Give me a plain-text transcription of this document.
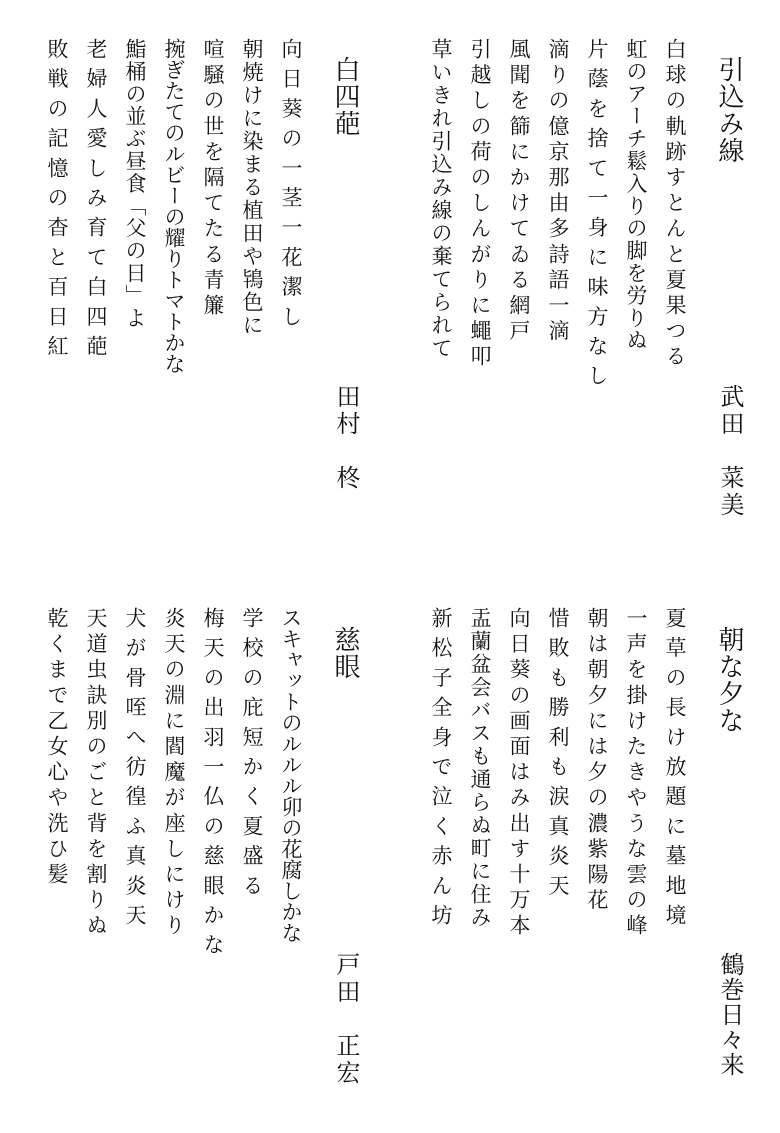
引込み線
武田　菜美
白球の軌跡すとんと夏果つる
虹のアーチ鬆入りの脚を労りぬ
片蔭を捨て一身に味方なし
滴りの億京那由多詩語一滴
風聞を篩にかけてゐる網戸
引越しの荷のしんがりに蠅叩
草いきれ引込み線の棄てられて
白四葩
田村　柊
向日葵の一茎一花潔し
朝焼けに染まる植田や鴇色に
喧騒の世を隔てたる青簾
捥ぎたてのルビーの耀りトマトかな
鮨桶の並ぶ昼食「父の日」よ
老婦人愛しみ育て白四葩
敗戦の記憶の杳と百日紅
朝な夕な
鶴巻日々来
夏草の長け放題に墓地境
一声を掛けたきやうな雲の峰
朝は朝夕には夕の濃紫陽花
惜敗も勝利も涙真炎天
向日葵の画面はみ出す十万本
盂蘭盆会バスも通らぬ町に住み
新松子全身で泣く赤ん坊
慈眼
戸田　正宏
スキャットのルルル卯の花腐しかな
学校の庇短かく夏盛る
梅天の出羽一仏の慈眼かな
炎天の淵に閻魔が座しにけり
犬が骨咥へ彷徨ふ真炎天
天道虫訣別のごと背を割りぬ
乾くまで乙女心や洗ひ髪
